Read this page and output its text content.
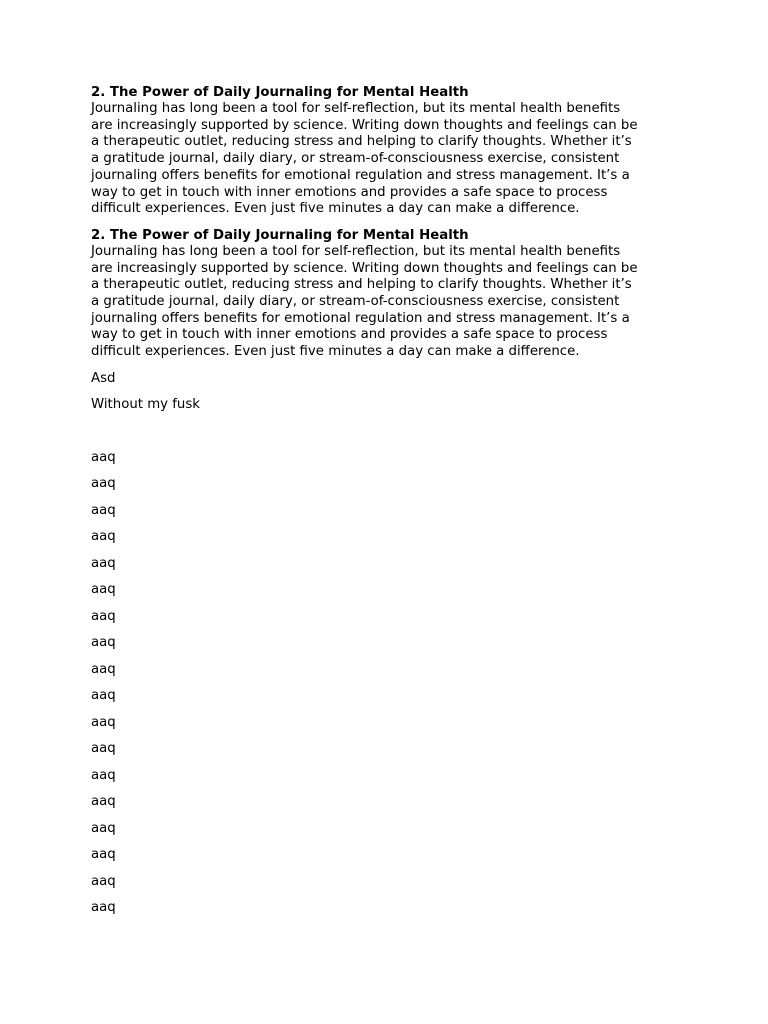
2. The Power of Daily Journaling for Mental Health

Journaling has long been a tool for self-reflection, but its mental health benefits
are increasingly supported by science. Writing down thoughts and feelings can be
a therapeutic outlet, reducing stress and helping to clarify thoughts. Whether it’s
a gratitude journal, daily diary, or stream-of-consciousness exercise, consistent
journaling offers benefits for emotional regulation and stress management. It’s a
way to get in touch with inner emotions and provides a safe space to process
difficult experiences. Even just five minutes a day can make a difference.

2. The Power of Daily Journaling for Mental Health

Journaling has long been a tool for self-reflection, but its mental health benefits
are increasingly supported by science. Writing down thoughts and feelings can be
a therapeutic outlet, reducing stress and helping to clarify thoughts. Whether it’s
a gratitude journal, daily diary, or stream-of-consciousness exercise, consistent
journaling offers benefits for emotional regulation and stress management. It’s a
way to get in touch with inner emotions and provides a safe space to process
difficult experiences. Even just five minutes a day can make a difference.

Asd

Without my fusk

aaq
aaq
aaq
aaq
aaq
aaq
aaq
aaq
aaq
aaq
aaq
aaq
aaq
aaq
aaq
aaq
aaq
aaq
